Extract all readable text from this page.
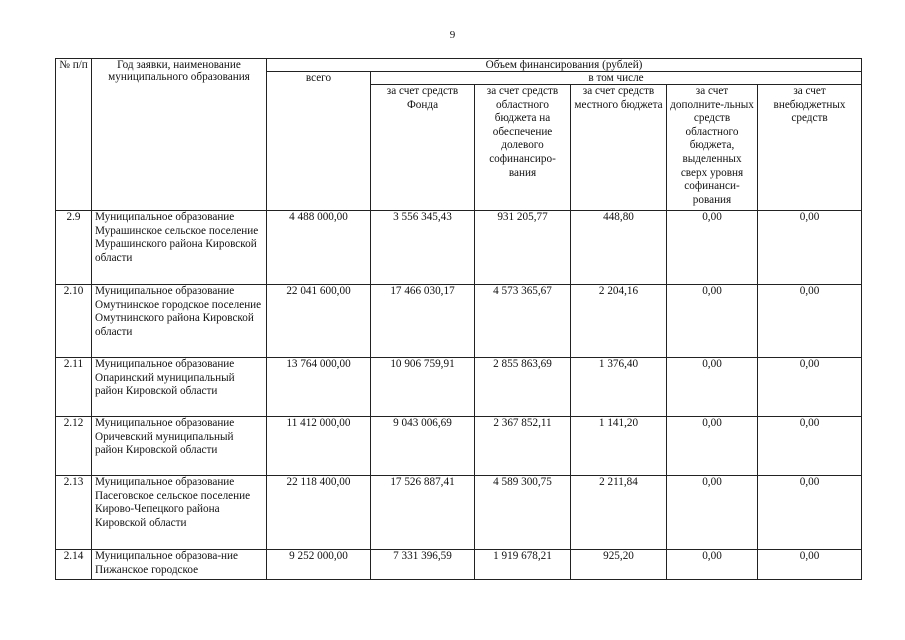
9
№ п/п	Год заявки, наименование муниципального образования	Объем финансирования (рублей)					
		всего	в том числе				
			за счет средств Фонда	за счет средств областного бюджета на обеспечение долевого софинансиро-вания	за счет средств местного бюджета	за счет дополните-льных средств областного бюджета, выделенных сверх уровня софинанси-рования	за счет внебюджетных средств
2.9	Муниципальное образование Мурашинское сельское поселение Мурашинского района Кировской области	4 488 000,00	3 556 345,43	931 205,77	448,80	0,00	0,00
2.10	Муниципальное образование Омутнинское городское поселение Омутнинского района Кировской области	22 041 600,00	17 466 030,17	4 573 365,67	2 204,16	0,00	0,00
2.11	Муниципальное образование Опаринский муниципальный район Кировской области	13 764 000,00	10 906 759,91	2 855 863,69	1 376,40	0,00	0,00
2.12	Муниципальное образование Оричевский муниципальный район Кировской области	11 412 000,00	9 043 006,69	2 367 852,11	1 141,20	0,00	0,00
2.13	Муниципальное образование Пасеговское сельское поселение Кирово-Чепецкого района Кировской области	22 118 400,00	17 526 887,41	4 589 300,75	2 211,84	0,00	0,00
2.14	Муниципальное образова-ние Пижанское городское	9 252 000,00	7 331 396,59	1 919 678,21	925,20	0,00	0,00
